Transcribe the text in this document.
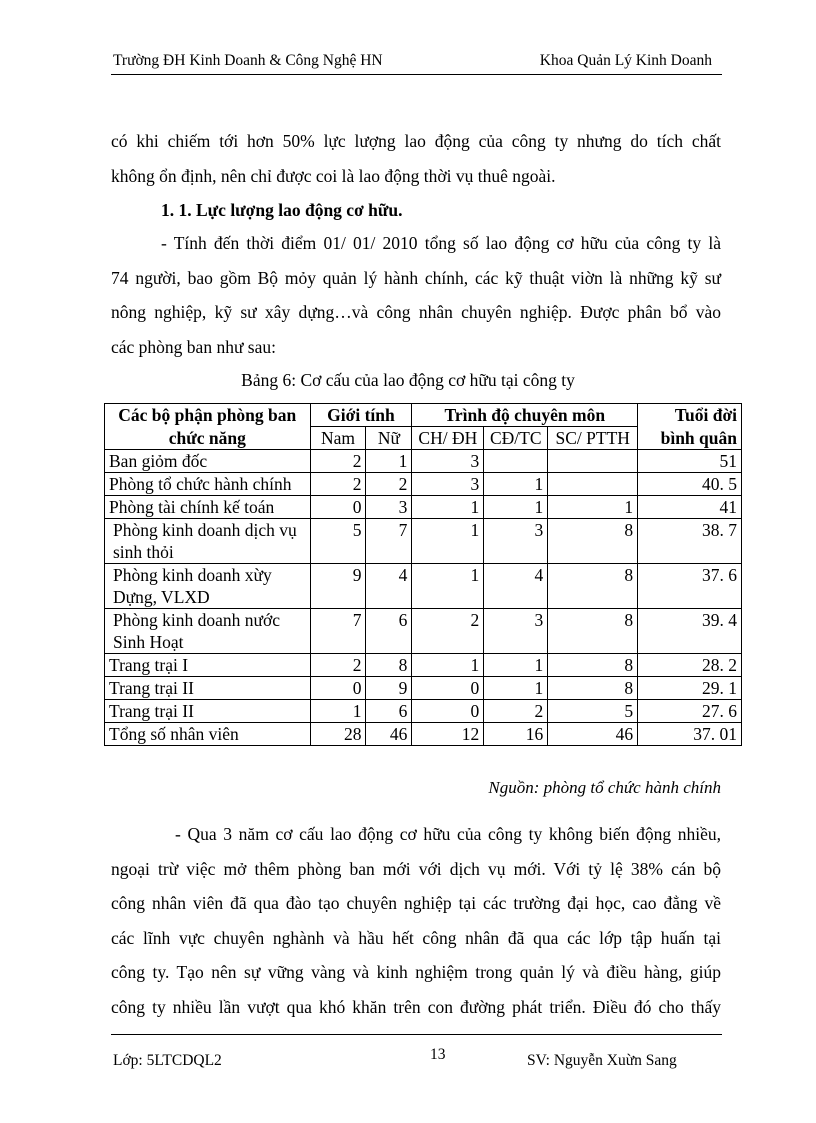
Trường ĐH Kinh Doanh & Công Nghệ HN	Khoa Quản Lý Kinh Doanh
có khi chiếm tới hơn 50% lực lượng lao động của công ty nhưng do tích chất
không ổn định, nên chỉ được coi là lao động thời vụ thuê ngoài.
1. 1. Lực lượng lao động cơ hữu.
- Tính đến thời điểm 01/ 01/ 2010 tổng số lao động cơ hữu của công ty là
74 người, bao gồm Bộ mỏy quản lý hành chính, các kỹ thuật viờn là những kỹ sư
nông nghiệp, kỹ sư xây dựng…và công nhân chuyên nghiệp. Được phân bổ vào
các phòng ban như sau:
Bảng 6: Cơ cấu của lao động cơ hữu tại công ty
Các bộ phận phòng ban	Giới tính		Trình độ chuyên môn			Tuổi đời
chức năng	Nam	Nữ	CH/ ĐH	CĐ/TC	SC/ PTTH	bình quân
Ban giỏm đốc	2	1	3			51
Phòng tổ chức hành chính	2	2	3	1		40. 5
Phòng tài chính kế toán	0	3	1	1	1	41
Phòng kinh doanh dịch vụ sinh thỏi	5	7	1	3	8	38. 7
Phòng kinh doanh xừy Dựng, VLXD	9	4	1	4	8	37. 6
Phòng kinh doanh nước Sinh Hoạt	7	6	2	3	8	39. 4
Trang trại I	2	8	1	1	8	28. 2
Trang trại II	0	9	0	1	8	29. 1
Trang trại II	1	6	0	2	5	27. 6
Tổng số nhân viên	28	46	12	16	46	37. 01
Nguồn: phòng tổ chức hành chính
- Qua 3 năm cơ cấu lao động cơ hữu của công ty không biến động nhiều,
ngoại trừ việc mở thêm phòng ban mới với dịch vụ mới. Với tỷ lệ 38% cán bộ
công nhân viên đã qua đào tạo chuyên nghiệp tại các trường đại học, cao đẳng về
các lĩnh vực chuyên nghành và hầu hết công nhân đã qua các lớp tập huấn tại
công ty. Tạo nên sự vững vàng và kinh nghiệm trong quản lý và điều hàng, giúp
công ty nhiều lần vượt qua khó khăn trên con đường phát triển. Điều đó cho thấy
Lớp: 5LTCDQL2	13	SV: Nguyễn Xuừn Sang
